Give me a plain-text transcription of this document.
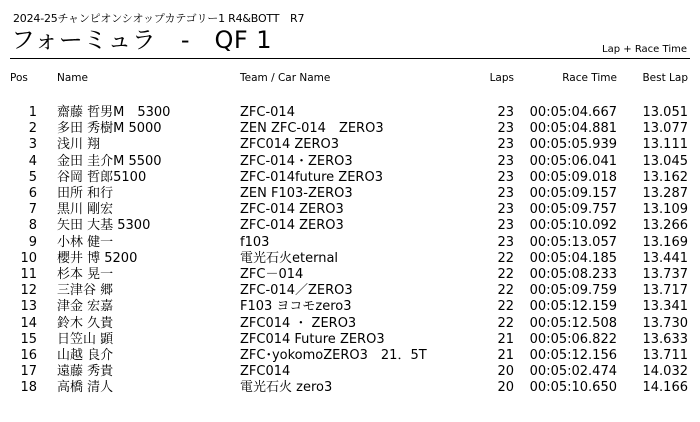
2024-25チャンピオンシオップカテゴリー1 R4&BOTT　R7
フォーミュラ　-　QF 1	Lap + Race Time
Pos	Name	Team / Car Name	Laps	Race Time	Best Lap
1 齋藤 哲男M　5300	ZFC-014	23	00:05:04.667	13.051
2 多田 秀樹M 5000	ZEN ZFC-014　ZERO3	23	00:05:04.881	13.077
3 浅川 翔	ZFC014 ZERO3	23	00:05:05.939	13.111
4 金田 圭介M 5500	ZFC-014・ZERO3	23	00:05:06.041	13.045
5 谷岡 哲郎5100	ZFC-014future ZERO3	23	00:05:09.018	13.162
6 田所 和行	ZEN F103-ZERO3	23	00:05:09.157	13.287
7 黒川 剛宏	ZFC-014 ZERO3	23	00:05:09.757	13.109
8 矢田 大基 5300	ZFC-014 ZERO3	23	00:05:10.092	13.266
9 小林 健一	f103	23	00:05:13.057	13.169
10 櫻井 博 5200	電光石火eternal	22	00:05:04.185	13.441
11 杉本 晃一	ZFC－014	22	00:05:08.233	13.737
12 三津谷 郷	ZFC-014／ZERO3	22	00:05:09.759	13.717
13 津金 宏嘉	F103 ヨコモzero3	22	00:05:12.159	13.341
14 鈴木 久貴	ZFC014 ・ ZERO3	22	00:05:12.508	13.730
15 日笠山 顕	ZFC014 Future ZERO3	21	00:05:06.822	13.633
16 山越 良介	ZFC･yokomoZERO3　21．5T	21	00:05:12.156	13.711
17 遠藤 秀貴	ZFC014	20	00:05:02.474	14.032
18 高橋 清人	電光石火 zero3	20	00:05:10.650	14.166
